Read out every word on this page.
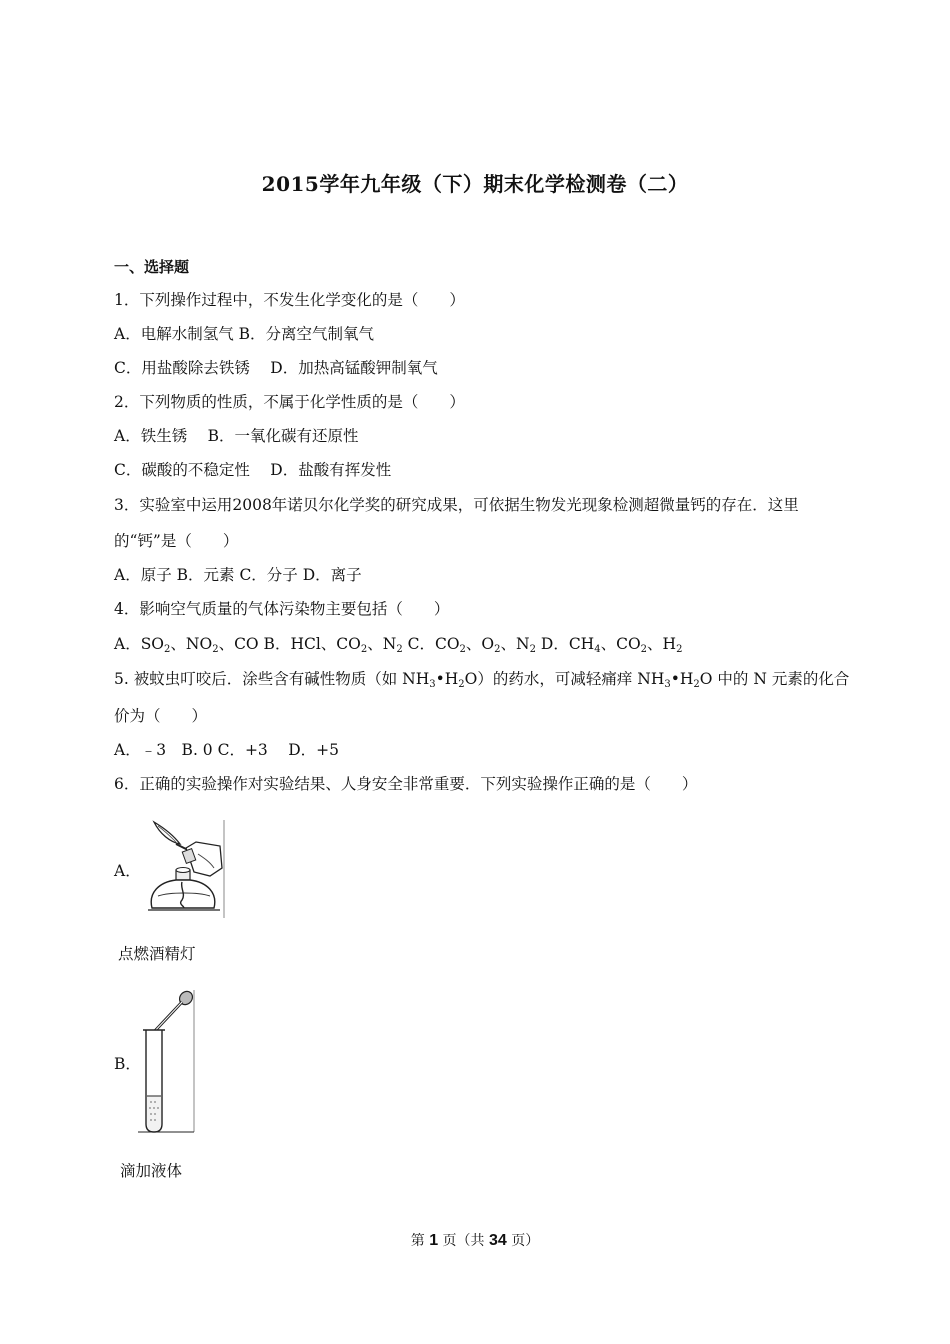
2015学年九年级（下）期末化学检测卷（二）
一、选择题
1．下列操作过程中，不发生化学变化的是（　　）
A．电解水制氢气 B．分离空气制氧气
C．用盐酸除去铁锈　 D．加热高锰酸钾制氧气
2．下列物质的性质，不属于化学性质的是（　　）
A．铁生锈　 B．一氧化碳有还原性
C．碳酸的不稳定性　 D．盐酸有挥发性
3．实验室中运用2008年诺贝尔化学奖的研究成果，可依据生物发光现象检测超微量钙的存在．这里
的“钙”是（　　）
A．原子 B．元素 C．分子 D．离子
4．影响空气质量的气体污染物主要包括（　　）
A．$SO_2$、$NO_2$、CO B．HCl、$CO_2$、$N_2$ C．$CO_2$、$O_2$、$N_2$ D．$CH_4$、$CO_2$、$H_2$
5. 被蚊虫叮咬后．涂些含有碱性物质（如 $NH_3•H_2O$）的药水，可减轻痛痒 $NH_3•H_2O$ 中的 N 元素的化合
价为（　　）
A．﹣3　B. 0 C．+3　 D．+5
6．正确的实验操作对实验结果、人身安全非常重要．下列实验操作正确的是（　　）
A．
点燃酒精灯
B．
滴加液体
第 1 页（共 34 页）
